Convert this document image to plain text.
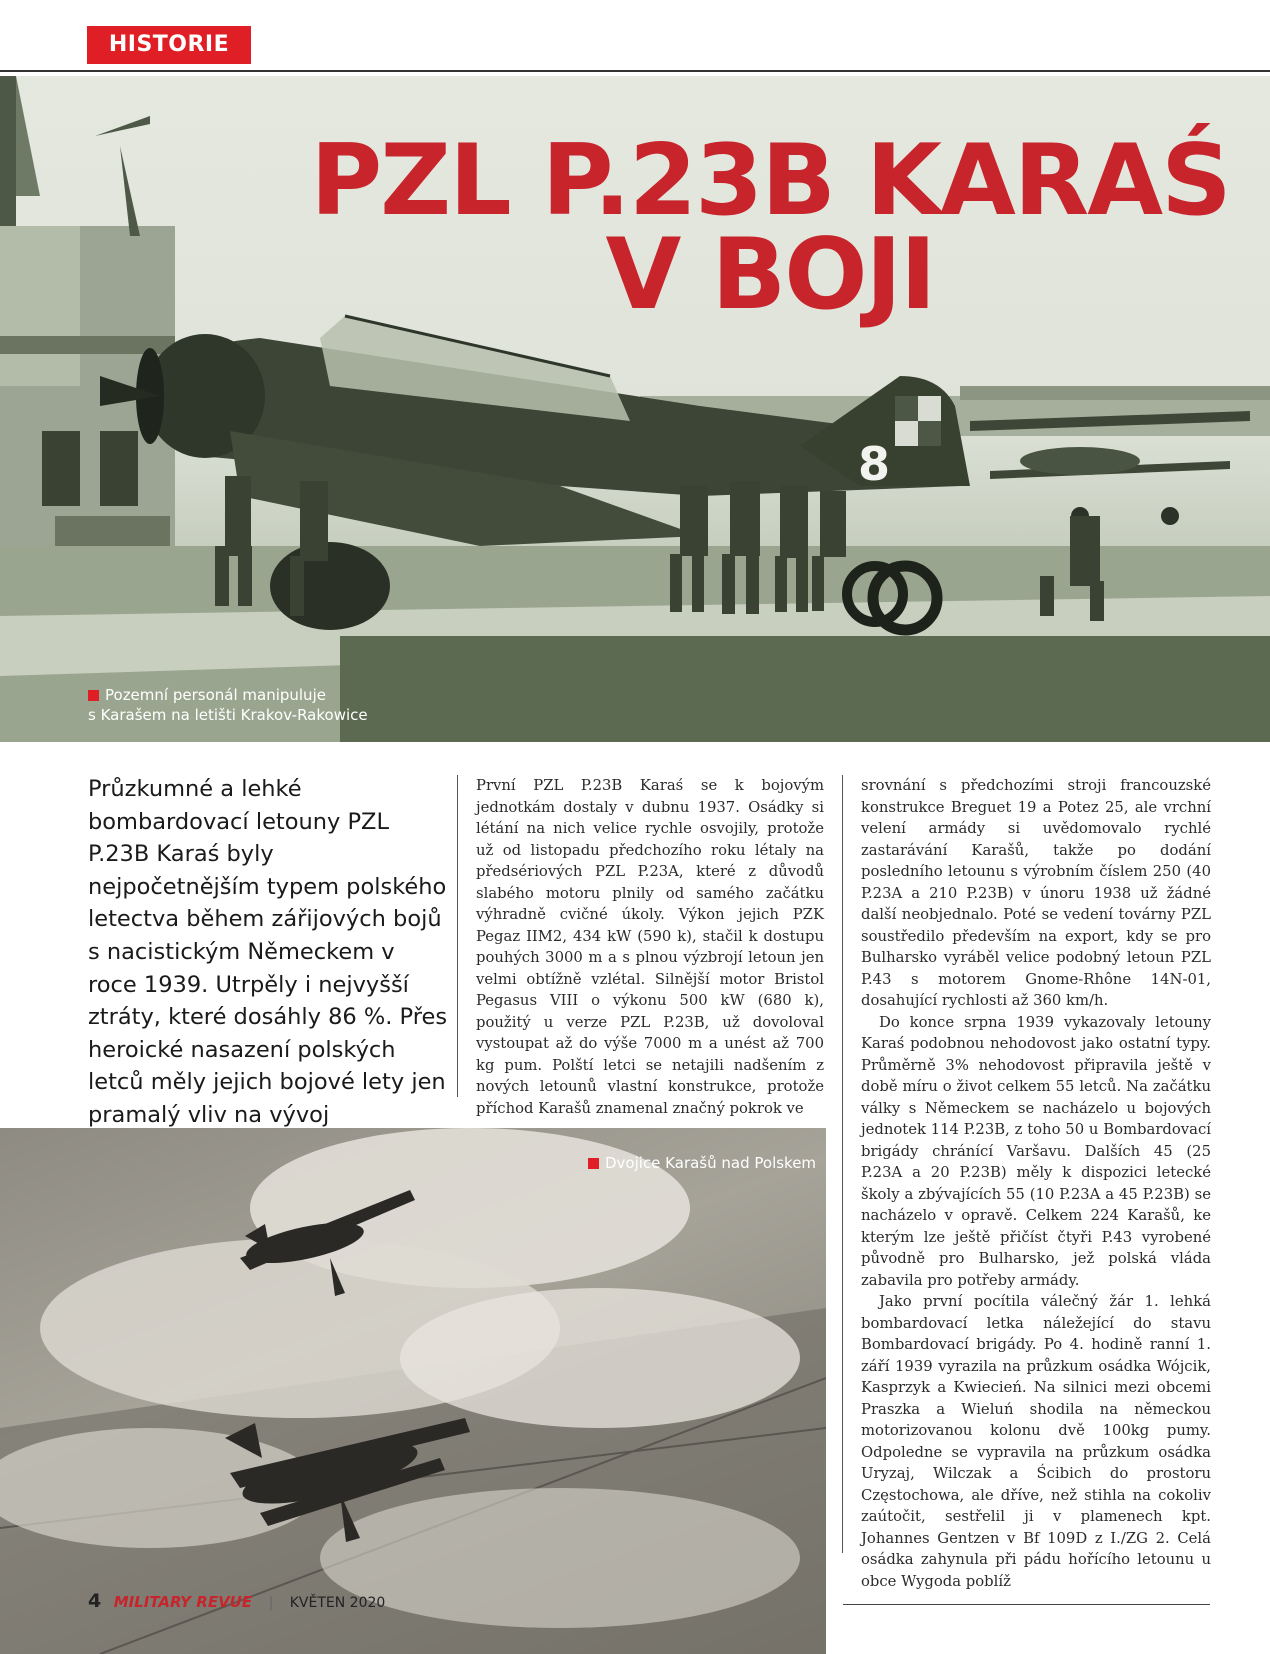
HISTORIE
8
PZL P.23B KARAŚ
V BOJI
Pozemní personál manipuluje
s Karašem na letišti Krakov-Rakowice
Průzkumné a lehké bombardovací letouny PZL P.23B Karaś byly nejpočetnějším typem polského letectva během zářijových bojů s nacistickým Německem v roce 1939. Utrpěly i nejvyšší ztráty, které dosáhly 86 %. Přes heroické nasazení polských letců měly jejich bojové lety jen pramalý vliv na vývoj

První PZL P.23B Karaś se k bojovým jednotkám dostaly v dubnu 1937. Osádky si létání na nich velice rychle osvojily, protože už od listopadu předchozího roku létaly na předsériových PZL P.23A, které z důvodů slabého motoru plnily od samého začátku výhradně cvičné úkoly. Výkon jejich PZK Pegaz IIM2, 434 kW (590 k), stačil k dostupu pouhých 3000 m a s plnou výzbrojí letoun jen velmi obtížně vzlétal. Silnější motor Bristol Pegasus VIII o výkonu 500 kW (680 k), použitý u verze PZL P.23B, už dovoloval vystoupat až do výše 7000 m a unést až 700 kg pum. Polští letci se netajili nadšením z nových letounů vlastní konstrukce, protože příchod Karašů znamenal značný pokrok ve

srovnání s předchozími stroji francouzské konstrukce Breguet 19 a Potez 25, ale vrchní velení armády si uvědomovalo rychlé zastarávání Karašů, takže po dodání posledního letounu s výrobním číslem 250 (40 P.23A a 210 P.23B) v únoru 1938 už žádné další neobjednalo. Poté se vedení továrny PZL soustředilo především na export, kdy se pro Bulharsko vyráběl velice podobný letoun PZL P.43 s motorem Gnome-Rhône 14N-01, dosahující rychlosti až 360 km/h.

Do konce srpna 1939 vykazovaly letouny Karaś podobnou nehodovost jako ostatní typy. Průměrně 3% nehodovost připravila ještě v době míru o život celkem 55 letců. Na začátku války s Německem se nacházelo u bojových jednotek 114 P.23B, z toho 50 u Bombardovací brigády chránící Varšavu. Dalších 45 (25 P.23A a 20 P.23B) měly k dispozici letecké školy a zbývajících 55 (10 P.23A a 45 P.23B) se nacházelo v opravě. Celkem 224 Karašů, ke kterým lze ještě přičíst čtyři P.43 vyrobené původně pro Bulharsko, jež polská vláda zabavila pro potřeby armády.

Jako první pocítila válečný žár 1. lehká bombardovací letka náležející do stavu Bombardovací brigády. Po 4. hodině ranní 1. září 1939 vyrazila na průzkum osádka Wójcik, Kasprzyk a Kwiecień. Na silnici mezi obcemi Praszka a Wieluń shodila na německou motorizovanou kolonu dvě 100kg pumy. Odpoledne se vypravila na průzkum osádka Uryzaj, Wilczak a Ścibich do prostoru Częstochowa, ale dříve, než stihla na cokoliv zaútočit, sestřelil ji v plamenech kpt. Johannes Gentzen v Bf 109D z I./ZG 2. Celá osádka zahynula při pádu hořícího letounu u obce Wygoda poblíž

Dvojice Karašů nad Polskem
4 MILITARY REVUE | KVĚTEN 2020
